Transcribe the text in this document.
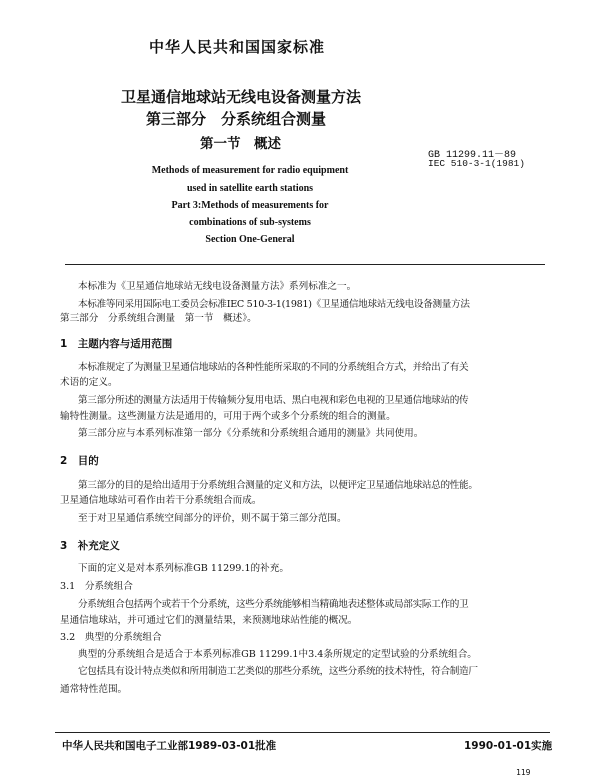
中华人民共和国国家标准
卫星通信地球站无线电设备测量方法
第三部分　分系统组合测量
第一节　概述
GB 11299.11－89
IEC 510-3-1(1981)
Methods of measurement for radio equipment
used in satellite earth stations
Part 3:Methods of measurements for
combinations of sub-systems
Section One-General
本标准为《卫星通信地球站无线电设备测量方法》系列标准之一。
本标准等同采用国际电工委员会标准IEC 510-3-1(1981)《卫星通信地球站无线电设备测量方法
第三部分　分系统组合测量　第一节　概述》。
1　主题内容与适用范围
本标准规定了为测量卫星通信地球站的各种性能所采取的不同的分系统组合方式，并给出了有关
术语的定义。
第三部分所述的测量方法适用于传输频分复用电话、黑白电视和彩色电视的卫星通信地球站的传
输特性测量。这些测量方法是通用的，可用于两个或多个分系统的组合的测量。
第三部分应与本系列标准第一部分《分系统和分系统组合通用的测量》共同使用。
2　目的
第三部分的目的是给出适用于分系统组合测量的定义和方法，以便评定卫星通信地球站总的性能。
卫星通信地球站可看作由若干分系统组合而成。
至于对卫星通信系统空间部分的评价，则不属于第三部分范围。
3　补充定义
下面的定义是对本系列标准GB 11299.1的补充。
3.1　分系统组合
分系统组合包括两个或若干个分系统，这些分系统能够相当精确地表述整体或局部实际工作的卫
星通信地球站，并可通过它们的测量结果，来预测地球站性能的概况。
3.2　典型的分系统组合
典型的分系统组合是适合于本系列标准GB 11299.1中3.4条所规定的定型试验的分系统组合。
它包括具有设计特点类似和所用制造工艺类似的那些分系统，这些分系统的技术特性，符合制造厂
通常特性范围。
中华人民共和国电子工业部1989-03-01批准	1990-01-01实施
119
